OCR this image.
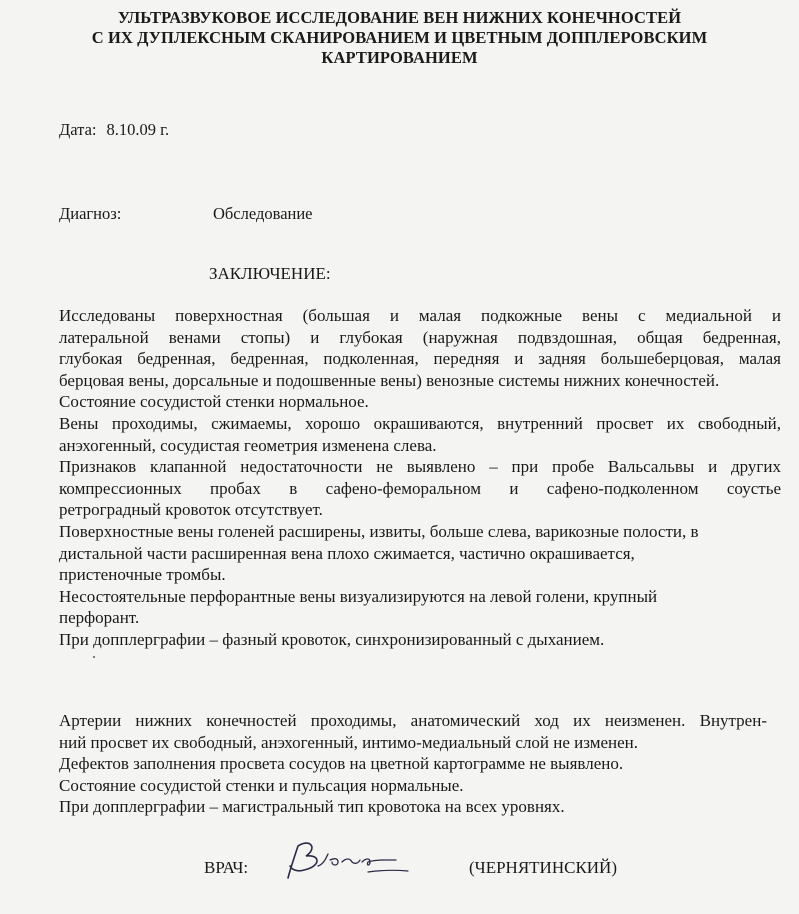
УЛЬТРАЗВУКОВОЕ ИССЛЕДОВАНИЕ ВЕН НИЖНИХ КОНЕЧНОСТЕЙ
С ИХ ДУПЛЕКСНЫМ СКАНИРОВАНИЕМ И ЦВЕТНЫМ ДОППЛЕРОВСКИМ
КАРТИРОВАНИЕМ
Дата: 8.10.09 г.
Диагноз:	Обследование
ЗАКЛЮЧЕНИЕ:
Исследованы поверхностная (большая и малая подкожные вены с медиальной и
латеральной венами стопы) и глубокая (наружная подвздошная, общая бедренная,
глубокая бедренная, бедренная, подколенная, передняя и задняя большеберцовая, малая
берцовая вены, дорсальные и подошвенные вены) венозные системы нижних конечностей.
Состояние сосудистой стенки нормальное.
Вены проходимы, сжимаемы, хорошо окрашиваются, внутренний просвет их свободный,
анэхогенный, сосудистая геометрия изменена слева.
Признаков клапанной недостаточности не выявлено – при пробе Вальсальвы и других
компрессионных пробах в сафено-феморальном и сафено-подколенном соустье
ретроградный кровоток отсутствует.
Поверхностные вены голеней расширены, извиты, больше слева, варикозные полости, в
дистальной части расширенная вена плохо сжимается, частично окрашивается,
пристеночные тромбы.
Несостоятельные перфорантные вены визуализируются на левой голени, крупный
перфорант.
При допплерграфии – фазный кровоток, синхронизированный с дыханием.
Артерии нижних конечностей проходимы, анатомический ход их неизменен. Внутрен-
ний просвет их свободный, анэхогенный, интимо-медиальный слой не изменен.
Дефектов заполнения просвета сосудов на цветной картограмме не выявлено.
Состояние сосудистой стенки и пульсация нормальные.
При допплерграфии – магистральный тип кровотока на всех уровнях.
ВРАЧ:	(ЧЕРНЯТИНСКИЙ)
